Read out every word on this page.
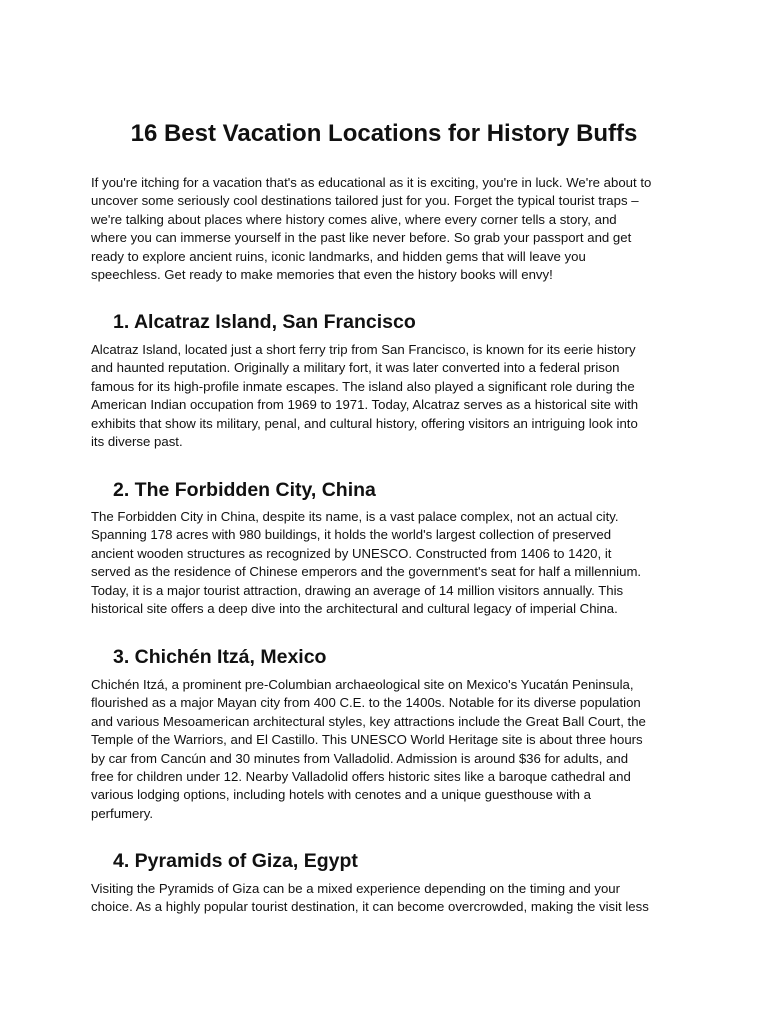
16 Best Vacation Locations for History Buffs

If you're itching for a vacation that's as educational as it is exciting, you're in luck. We're about to
uncover some seriously cool destinations tailored just for you. Forget the typical tourist traps –
we're talking about places where history comes alive, where every corner tells a story, and
where you can immerse yourself in the past like never before. So grab your passport and get
ready to explore ancient ruins, iconic landmarks, and hidden gems that will leave you
speechless. Get ready to make memories that even the history books will envy!

1. Alcatraz Island, San Francisco

Alcatraz Island, located just a short ferry trip from San Francisco, is known for its eerie history
and haunted reputation. Originally a military fort, it was later converted into a federal prison
famous for its high-profile inmate escapes. The island also played a significant role during the
American Indian occupation from 1969 to 1971. Today, Alcatraz serves as a historical site with
exhibits that show its military, penal, and cultural history, offering visitors an intriguing look into
its diverse past.

2. The Forbidden City, China

The Forbidden City in China, despite its name, is a vast palace complex, not an actual city.
Spanning 178 acres with 980 buildings, it holds the world's largest collection of preserved
ancient wooden structures as recognized by UNESCO. Constructed from 1406 to 1420, it
served as the residence of Chinese emperors and the government's seat for half a millennium.
Today, it is a major tourist attraction, drawing an average of 14 million visitors annually. This
historical site offers a deep dive into the architectural and cultural legacy of imperial China.

3. Chichén Itzá, Mexico

Chichén Itzá, a prominent pre-Columbian archaeological site on Mexico's Yucatán Peninsula,
flourished as a major Mayan city from 400 C.E. to the 1400s. Notable for its diverse population
and various Mesoamerican architectural styles, key attractions include the Great Ball Court, the
Temple of the Warriors, and El Castillo. This UNESCO World Heritage site is about three hours
by car from Cancún and 30 minutes from Valladolid. Admission is around $36 for adults, and
free for children under 12. Nearby Valladolid offers historic sites like a baroque cathedral and
various lodging options, including hotels with cenotes and a unique guesthouse with a
perfumery.

4. Pyramids of Giza, Egypt

Visiting the Pyramids of Giza can be a mixed experience depending on the timing and your
choice. As a highly popular tourist destination, it can become overcrowded, making the visit less
